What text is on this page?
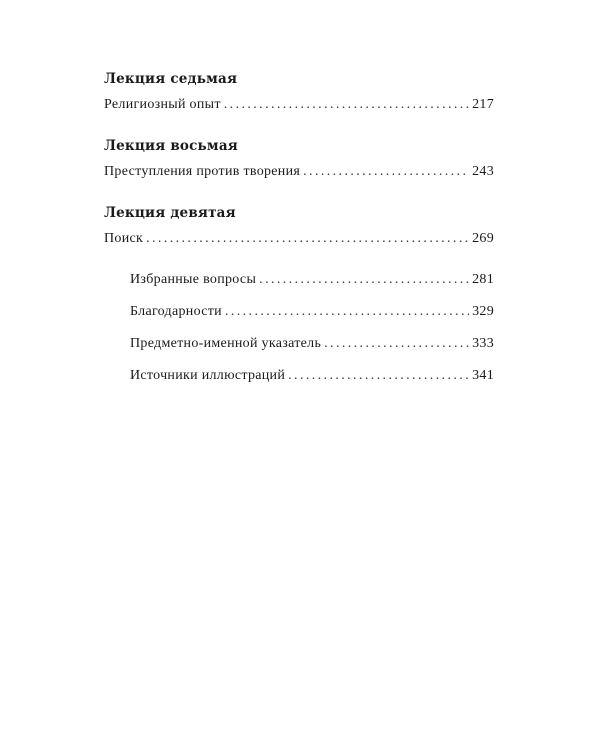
Лекция седьмая
Религиозный опыт .....	217
Лекция восьмая
Преступления против творения .....	243
Лекция девятая
Поиск .....	269
Избранные вопросы .....	281
Благодарности .....	329
Предметно-именной указатель .....	333
Источники иллюстраций .....	341
